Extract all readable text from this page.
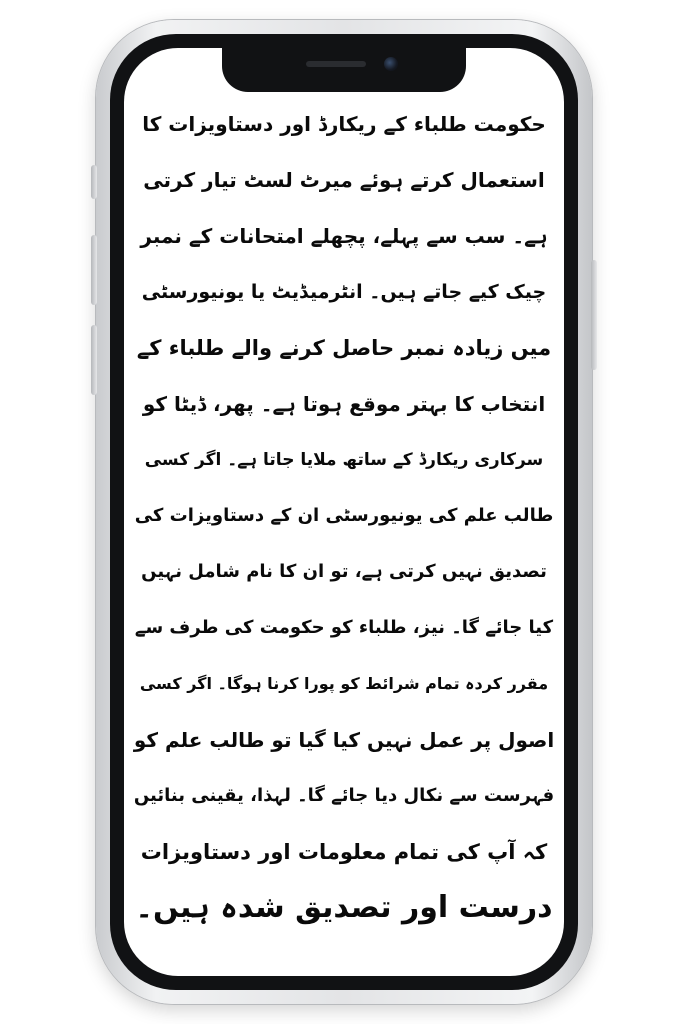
حکومت طلباء کے ریکارڈ اور دستاویزات کا
استعمال کرتے ہوئے میرٹ لسٹ تیار کرتی
ہے۔ سب سے پہلے، پچھلے امتحانات کے نمبر
چیک کیے جاتے ہیں۔ انٹرمیڈیٹ یا یونیورسٹی
میں زیادہ نمبر حاصل کرنے والے طلباء کے
انتخاب کا بہتر موقع ہوتا ہے۔ پھر، ڈیٹا کو
سرکاری ریکارڈ کے ساتھ ملایا جاتا ہے۔ اگر کسی
طالب علم کی یونیورسٹی ان کے دستاویزات کی
تصدیق نہیں کرتی ہے، تو ان کا نام شامل نہیں
کیا جائے گا۔ نیز، طلباء کو حکومت کی طرف سے
مقرر کردہ تمام شرائط کو پورا کرنا ہوگا۔ اگر کسی
اصول پر عمل نہیں کیا گیا تو طالب علم کو
فہرست سے نکال دیا جائے گا۔ لہذا، یقینی بنائیں
کہ آپ کی تمام معلومات اور دستاویزات
درست اور تصدیق شدہ ہیں۔
